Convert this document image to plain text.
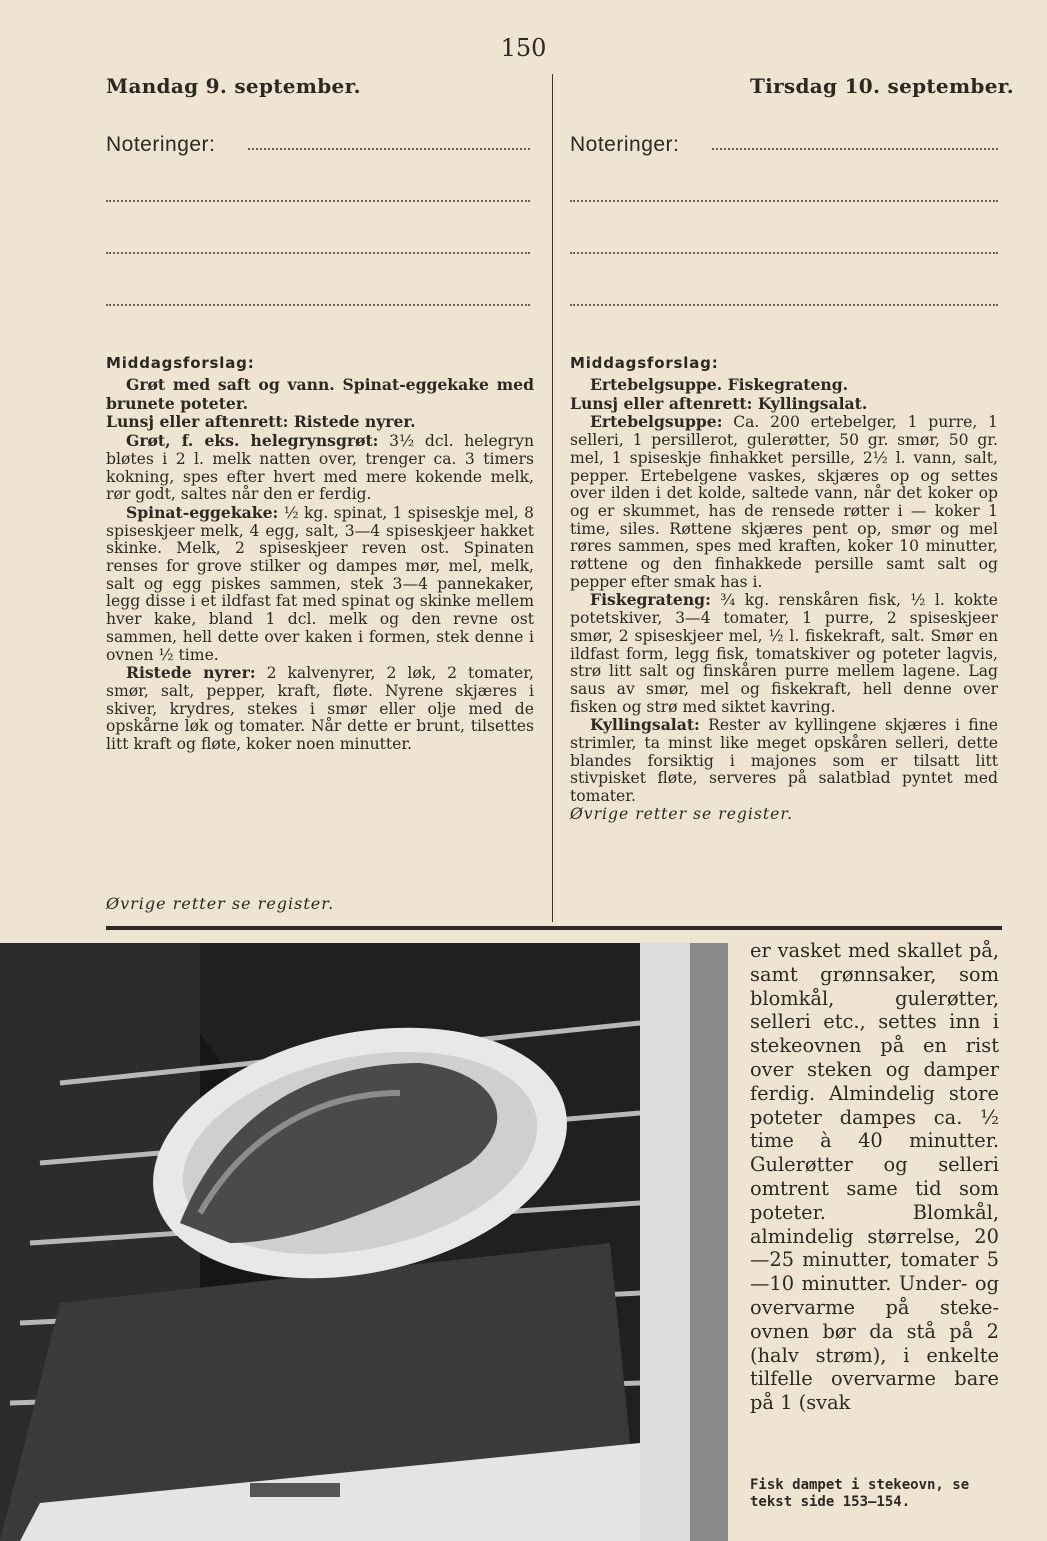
150
Mandag 9. september.
Noteringer:
Middagsforslag:

Grøt med saft og vann. Spinat-eggekake med brunete poteter.

Lunsj eller aftenrett: Ristede nyrer.

Grøt, f. eks. helegrynsgrøt: 3½ dcl. helegryn bløtes i 2 l. melk natten over, trenger ca. 3 timers kokning, spes efter hvert med mere kokende melk, rør godt, saltes når den er ferdig.

Spinat-eggekake: ½ kg. spinat, 1 spiseskje mel, 8 spiseskjeer melk, 4 egg, salt, 3—4 spiseskjeer hakket skinke. Melk, 2 spiseskjeer reven ost. Spinaten renses for grove stilker og dampes mør, mel, melk, salt og egg piskes sammen, stek 3—4 pannekaker, legg disse i et ildfast fat med spinat og skinke mellem hver kake, bland 1 dcl. melk og den revne ost sammen, hell dette over kaken i formen, stek denne i ovnen ½ time.

Ristede nyrer: 2 kalvenyrer, 2 løk, 2 tomater, smør, salt, pepper, kraft, fløte. Nyrene skjæres i skiver, krydres, stekes i smør eller olje med de opskårne løk og tomater. Når dette er brunt, tilsettes litt kraft og fløte, koker noen minutter.

Øvrige retter se register.
Tirsdag 10. september.
Noteringer:
Middagsforslag:

Ertebelgsuppe. Fiskegrateng.

Lunsj eller aftenrett: Kyllingsalat.

Ertebelgsuppe: Ca. 200 ertebelger, 1 purre, 1 selleri, 1 persillerot, gulerøtter, 50 gr. smør, 50 gr. mel, 1 spiseskje finhakket persille, 2½ l. vann, salt, pepper. Ertebelgene vaskes, skjæres op og settes over ilden i det kolde, saltede vann, når det koker op og er skummet, has de rensede røtter i — koker 1 time, siles. Røttene skjæres pent op, smør og mel røres sammen, spes med kraften, koker 10 minutter, røttene og den finhakkede persille samt salt og pepper efter smak has i.

Fiskegrateng: ¾ kg. renskåren fisk, ½ l. kokte potetskiver, 3—4 tomater, 1 purre, 2 spiseskjeer smør, 2 spiseskjeer mel, ½ l. fiskekraft, salt. Smør en ildfast form, legg fisk, tomatskiver og poteter lagvis, strø litt salt og finskåren purre mellem lagene. Lag saus av smør, mel og fiskekraft, hell denne over fisken og strø med siktet kavring.

Kyllingsalat: Rester av kyllingene skjæres i fine strimler, ta minst like meget opskåren selleri, dette blandes forsiktig i majones som er tilsatt litt stivpisket fløte, serveres på salatblad pyntet med tomater.

Øvrige retter se register.

er vasket med skallet på, samt grønnsaker, som blomkål, gulerøtter, selleri etc., settes inn i stekeovnen på en rist over steken og damper ferdig. Almindelig store poteter dampes ca. ½ time à 40 minutter. Gulerøtter og selleri omtrent same tid som poteter. Blomkål, almindelig størrelse, 20—25 minutter, tomater 5—10 minutter. Under- og overvarme på stekeovnen bør da stå på 2 (halv strøm), i enkelte tilfelle overvarme bare på 1 (svak
Fisk dampet i stekeovn, se tekst side 153—154.
